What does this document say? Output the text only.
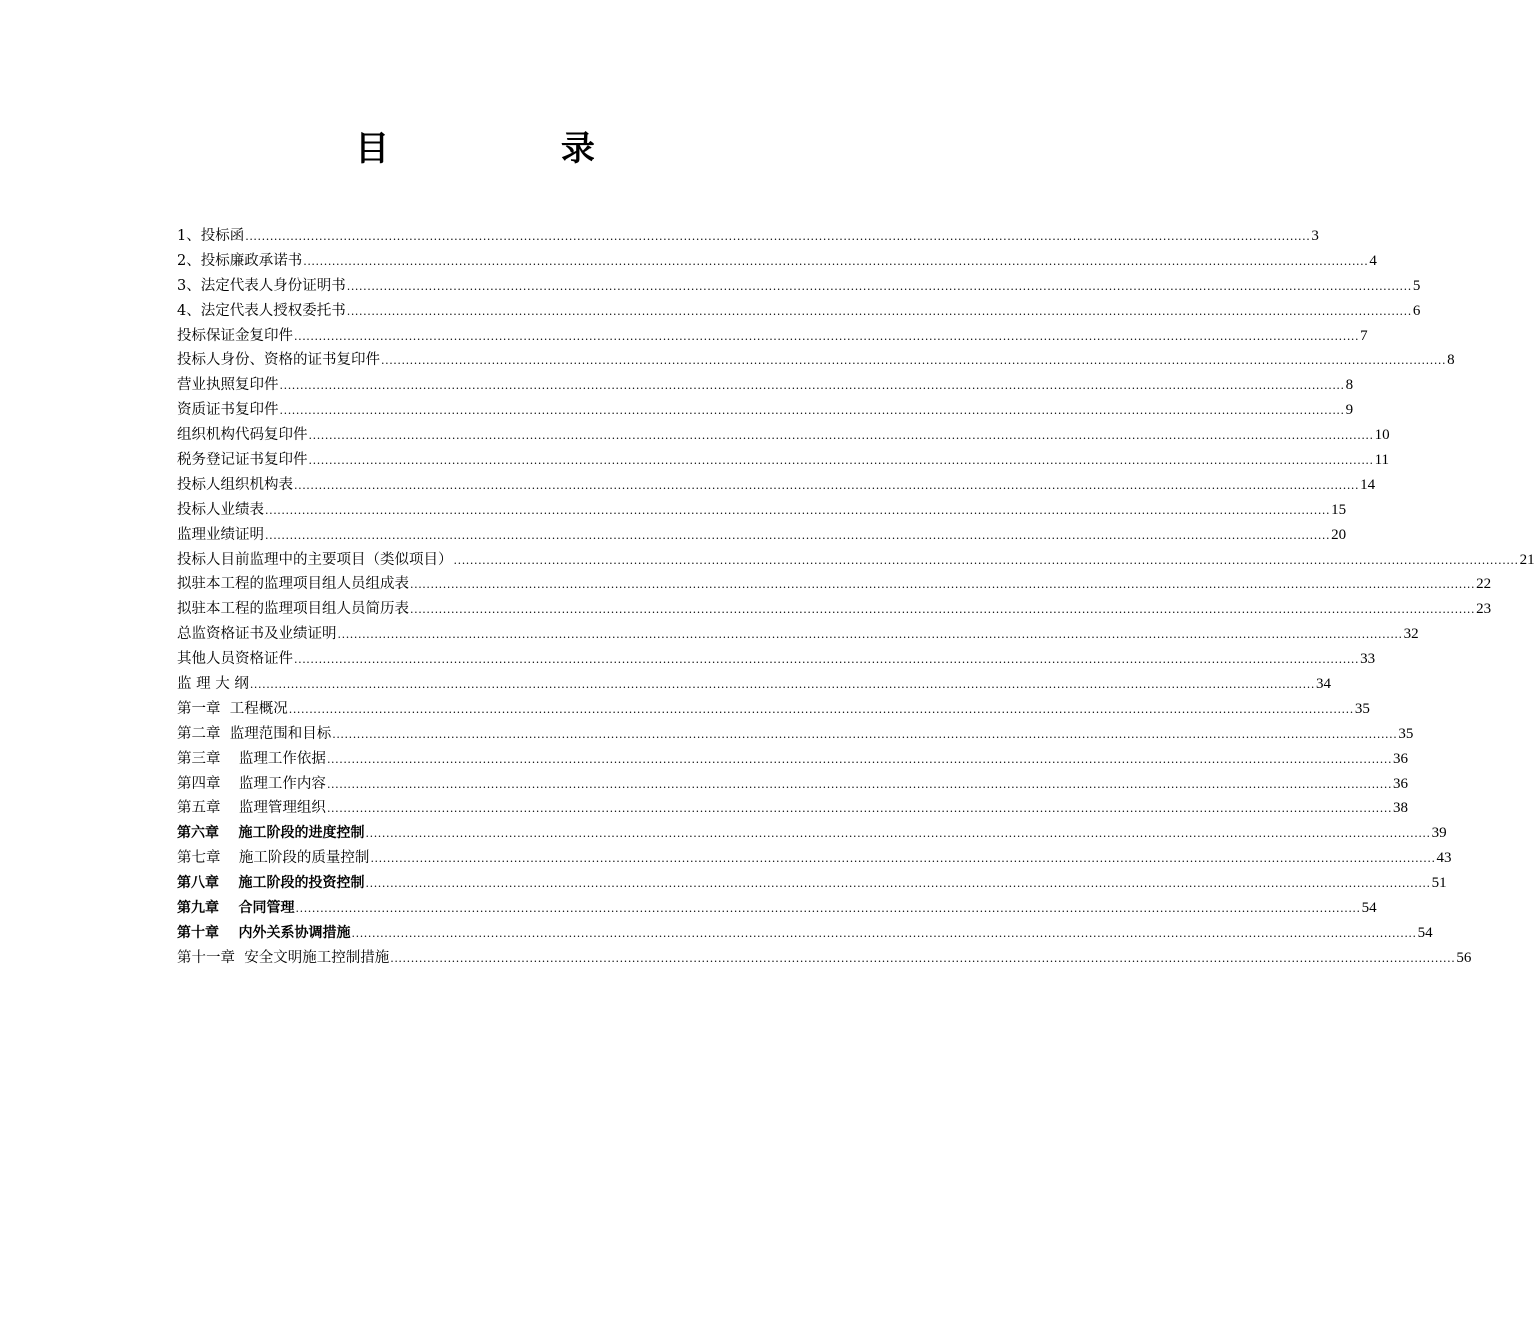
目 录
1、投标函 .................................................................................................................................................................................................................................................................... 3
2、投标廉政承诺书 .................................................................................................................................................................................................................................................................... 4
3、法定代表人身份证明书 .................................................................................................................................................................................................................................................................... 5
4、法定代表人授权委托书 .................................................................................................................................................................................................................................................................... 6
投标保证金复印件 .................................................................................................................................................................................................................................................................... 7
投标人身份、资格的证书复印件 .................................................................................................................................................................................................................................................................... 8
营业执照复印件 .................................................................................................................................................................................................................................................................... 8
资质证书复印件 .................................................................................................................................................................................................................................................................... 9
组织机构代码复印件 .................................................................................................................................................................................................................................................................... 10
税务登记证书复印件 .................................................................................................................................................................................................................................................................... 11
投标人组织机构表 .................................................................................................................................................................................................................................................................... 14
投标人业绩表 .................................................................................................................................................................................................................................................................... 15
监理业绩证明 .................................................................................................................................................................................................................................................................... 20
投标人目前监理中的主要项目（类似项目） .................................................................................................................................................................................................................................................................... 21
拟驻本工程的监理项目组人员组成表 .................................................................................................................................................................................................................................................................... 22
拟驻本工程的监理项目组人员简历表 .................................................................................................................................................................................................................................................................... 23
总监资格证书及业绩证明 .................................................................................................................................................................................................................................................................... 32
其他人员资格证件 .................................................................................................................................................................................................................................................................... 33
监 理 大 纲 .................................................................................................................................................................................................................................................................... 34
第一章  工程概况 .................................................................................................................................................................................................................................................................... 35
第二章  监理范围和目标 .................................................................................................................................................................................................................................................................... 35
第三章    监理工作依据 .................................................................................................................................................................................................................................................................... 36
第四章    监理工作内容 .................................................................................................................................................................................................................................................................... 36
第五章    监理管理组织 .................................................................................................................................................................................................................................................................... 38
第六章    施工阶段的进度控制 .................................................................................................................................................................................................................................................................... 39
第七章    施工阶段的质量控制 .................................................................................................................................................................................................................................................................... 43
第八章    施工阶段的投资控制 .................................................................................................................................................................................................................................................................... 51
第九章    合同管理 .................................................................................................................................................................................................................................................................... 54
第十章    内外关系协调措施 .................................................................................................................................................................................................................................................................... 54
第十一章  安全文明施工控制措施 .................................................................................................................................................................................................................................................................... 56
